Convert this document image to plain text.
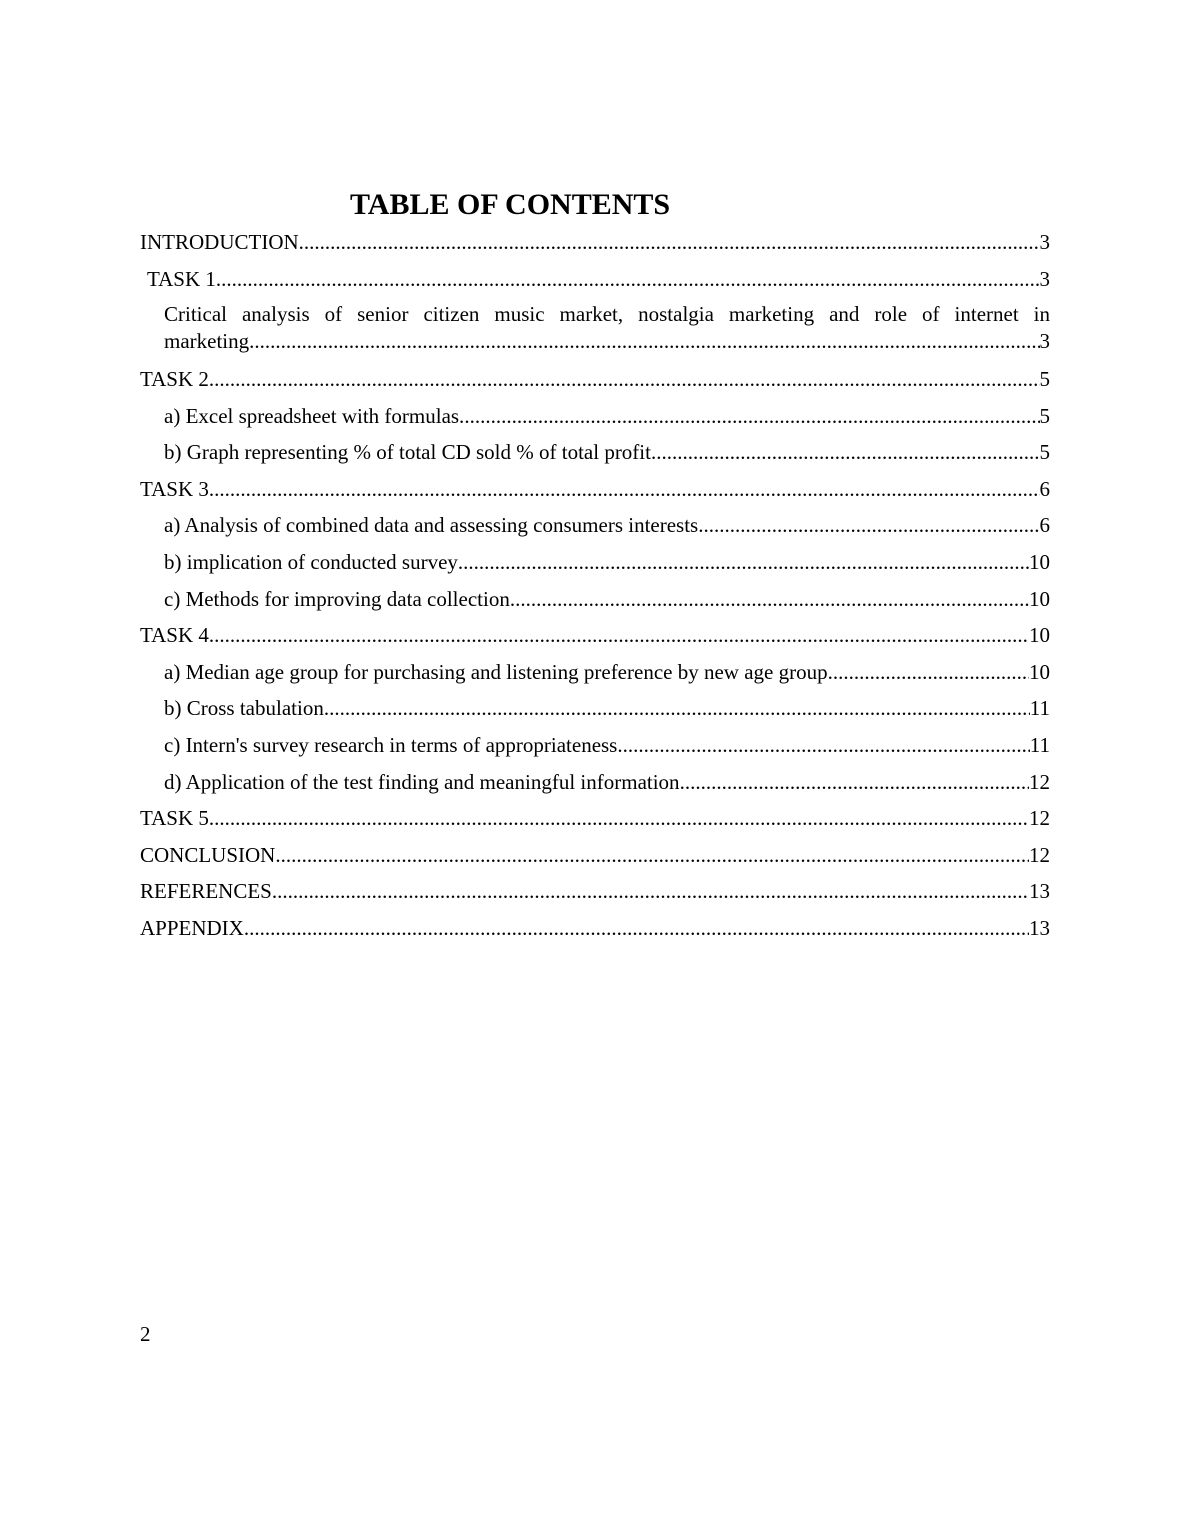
TABLE OF CONTENTS
INTRODUCTION .....	3
TASK 1 .....	3
Critical analysis of senior citizen music market, nostalgia marketing and role of internet in
marketing .....	3
TASK 2 .....	5
a) Excel spreadsheet with formulas. .....	5
b) Graph representing % of total CD sold % of total profit .....	5
TASK 3 .....	6
a) Analysis of combined data and assessing consumers interests .....	6
b) implication of conducted survey .....	10
c) Methods for improving data collection .....	10
TASK 4 .....	10
a) Median age group for purchasing and listening preference by new age group .....	10
b) Cross tabulation .....	11
c) Intern's survey research in terms of appropriateness .....	11
d) Application of the test finding and meaningful information .....	12
TASK 5 .....	12
CONCLUSION .....	12
REFERENCES .....	13
APPENDIX .....	13
2
